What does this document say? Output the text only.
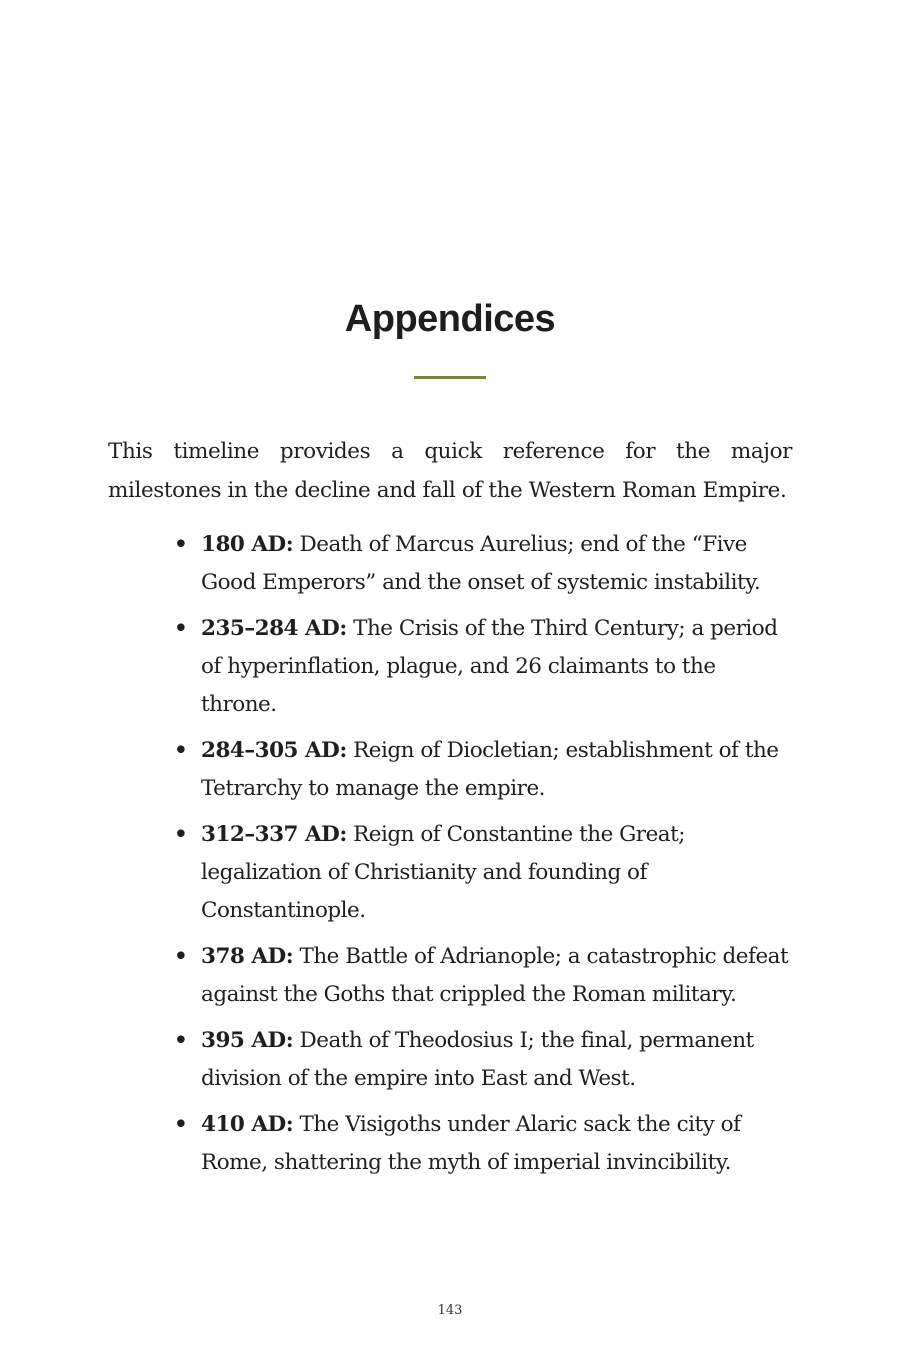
Appendices

This timeline provides a quick reference for the major milestones in the decline and fall of the Western Roman Empire.

• 180 AD: Death of Marcus Aurelius; end of the “Five Good Emperors” and the onset of systemic instability.
• 235–284 AD: The Crisis of the Third Century; a period of hyperinflation, plague, and 26 claimants to the throne.
• 284–305 AD: Reign of Diocletian; establishment of the Tetrarchy to manage the empire.
• 312–337 AD: Reign of Constantine the Great; legalization of Christianity and founding of Constantinople.
• 378 AD: The Battle of Adrianople; a catastrophic defeat against the Goths that crippled the Roman military.
• 395 AD: Death of Theodosius I; the final, permanent division of the empire into East and West.
• 410 AD: The Visigoths under Alaric sack the city of Rome, shattering the myth of imperial invincibility.
143
